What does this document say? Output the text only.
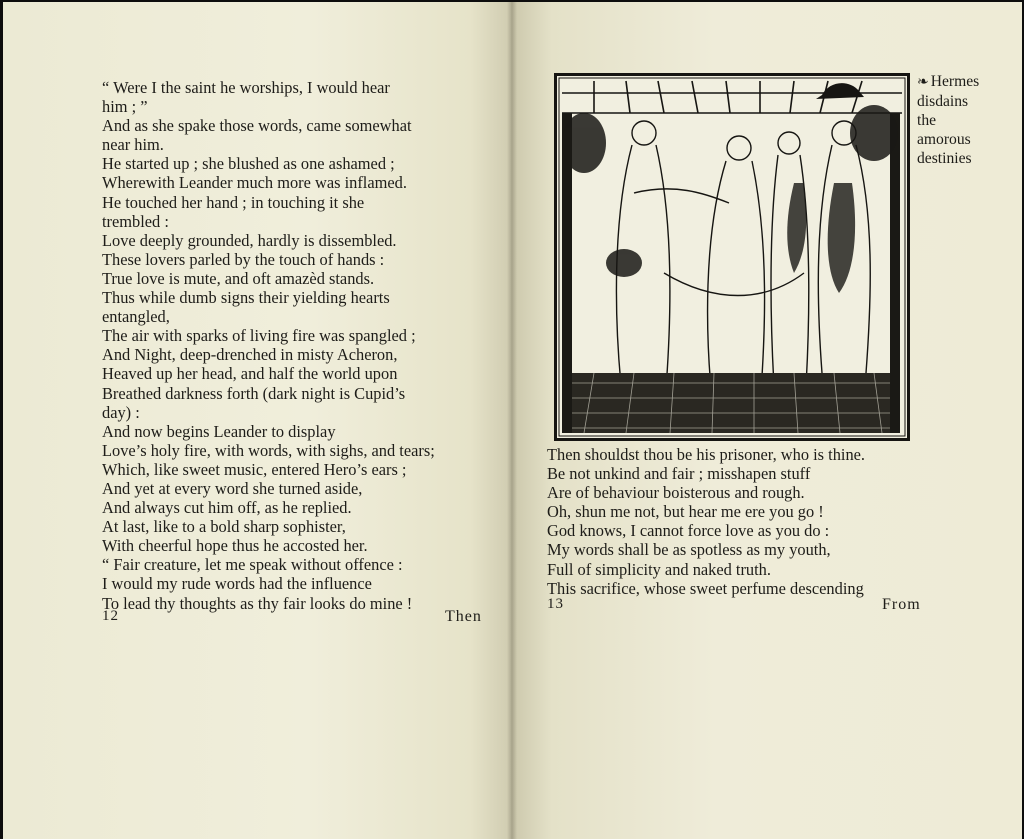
“ Were I the saint he worships, I would hear
him ; ”
And as she spake those words, came somewhat
near him.
He started up ; she blushed as one ashamed ;
Wherewith Leander much more was inflamed.
He touched her hand ; in touching it she
trembled :
Love deeply grounded, hardly is dissembled.
These lovers parled by the touch of hands :
True love is mute, and oft amazèd stands.
Thus while dumb signs their yielding hearts
entangled,
The air with sparks of living fire was spangled ;
And Night, deep-drenched in misty Acheron,
Heaved up her head, and half the world upon
Breathed darkness forth (dark night is Cupid’s
day) :
And now begins Leander to display
Love’s holy fire, with words, with sighs, and tears;
Which, like sweet music, entered Hero’s ears ;
And yet at every word she turned aside,
And always cut him off, as he replied.
At last, like to a bold sharp sophister,
With cheerful hope thus he accosted her.
“ Fair creature, let me speak without offence :
I would my rude words had the influence
To lead thy thoughts as thy fair looks do mine !
12	Then
❧ Hermes
disdains
the
amorous
destinies
Then shouldst thou be his prisoner, who is thine.
Be not unkind and fair ; misshapen stuff
Are of behaviour boisterous and rough.
Oh, shun me not, but hear me ere you go !
God knows, I cannot force love as you do :
My words shall be as spotless as my youth,
Full of simplicity and naked truth.
This sacrifice, whose sweet perfume descending
13	From
